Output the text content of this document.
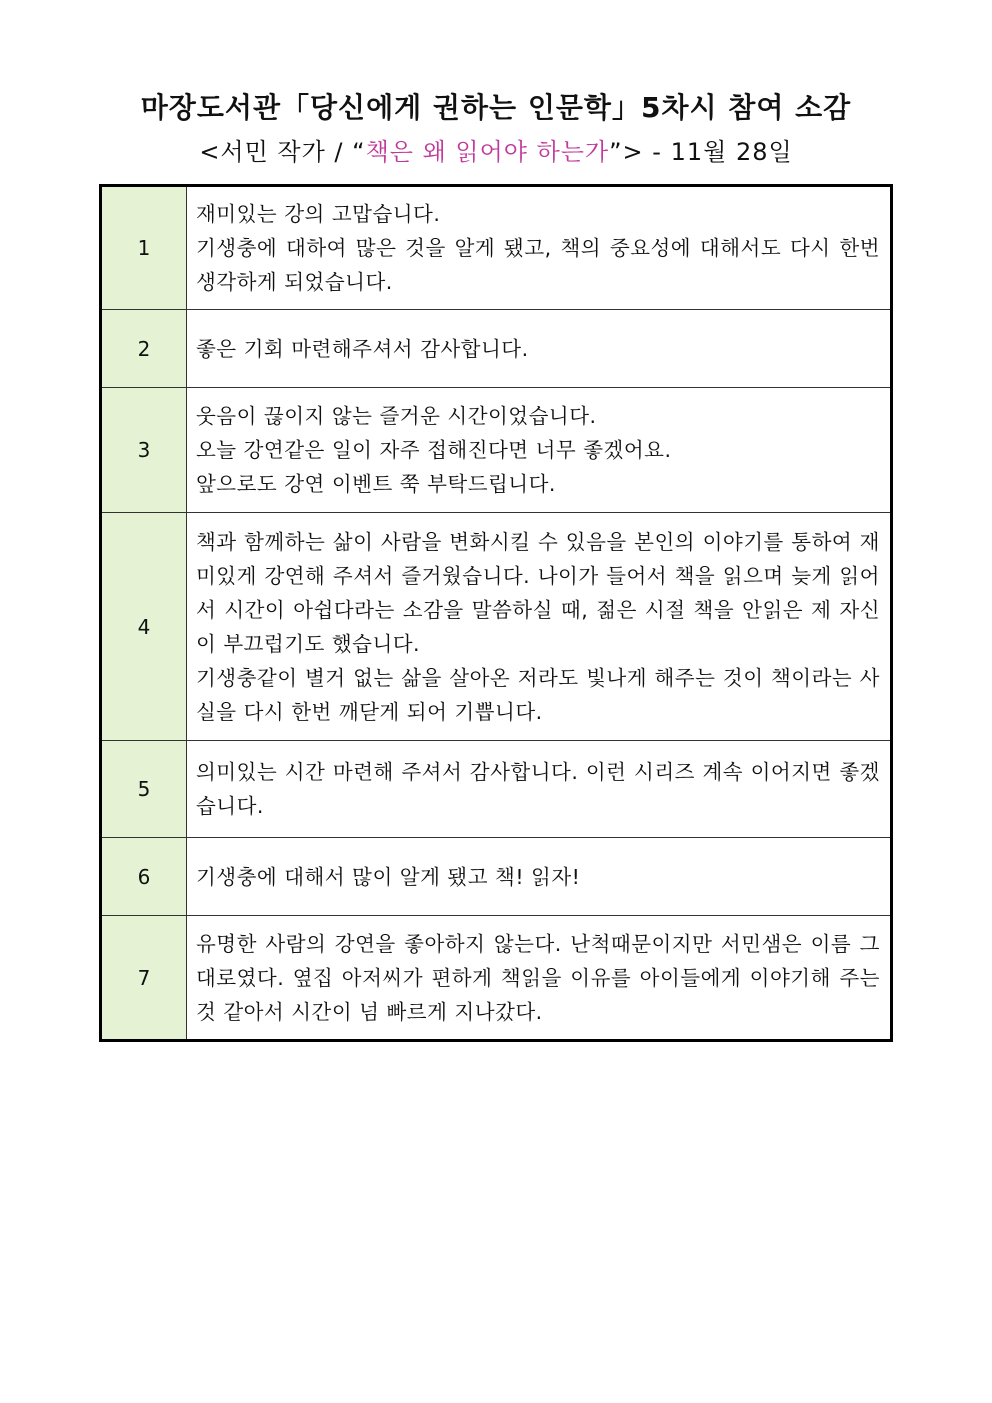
마장도서관「당신에게 권하는 인문학」5차시 참여 소감
<서민 작가 / “책은 왜 읽어야 하는가”> - 11월 28일
1	재미있는 강의 고맙습니다.
기생충에 대하여 많은 것을 알게 됐고, 책의 중요성에 대해서도 다시 한번 생각하게 되었습니다.

2	좋은 기회 마련해주셔서 감사합니다.

3	웃음이 끊이지 않는 즐거운 시간이었습니다.
오늘 강연같은 일이 자주 접해진다면 너무 좋겠어요.
앞으로도 강연 이벤트 쭉 부탁드립니다.

4	책과 함께하는 삶이 사람을 변화시킬 수 있음을 본인의 이야기를 통하여 재미있게 강연해 주셔서 즐거웠습니다. 나이가 들어서 책을 읽으며 늦게 읽어서 시간이 아쉽다라는 소감을 말씀하실 때, 젊은 시절 책을 안읽은 제 자신이 부끄럽기도 했습니다.
기생충같이 별거 없는 삶을 살아온 저라도 빛나게 해주는 것이 책이라는 사실을 다시 한번 깨닫게 되어 기쁩니다.

5	의미있는 시간 마련해 주셔서 감사합니다. 이런 시리즈 계속 이어지면 좋겠습니다.

6	기생충에 대해서 많이 알게 됐고 책! 읽자!

7	유명한 사람의 강연을 좋아하지 않는다. 난척때문이지만 서민샘은 이름 그대로였다. 옆집 아저씨가 편하게 책읽을 이유를 아이들에게 이야기해 주는 것 같아서 시간이 넘 빠르게 지나갔다.
